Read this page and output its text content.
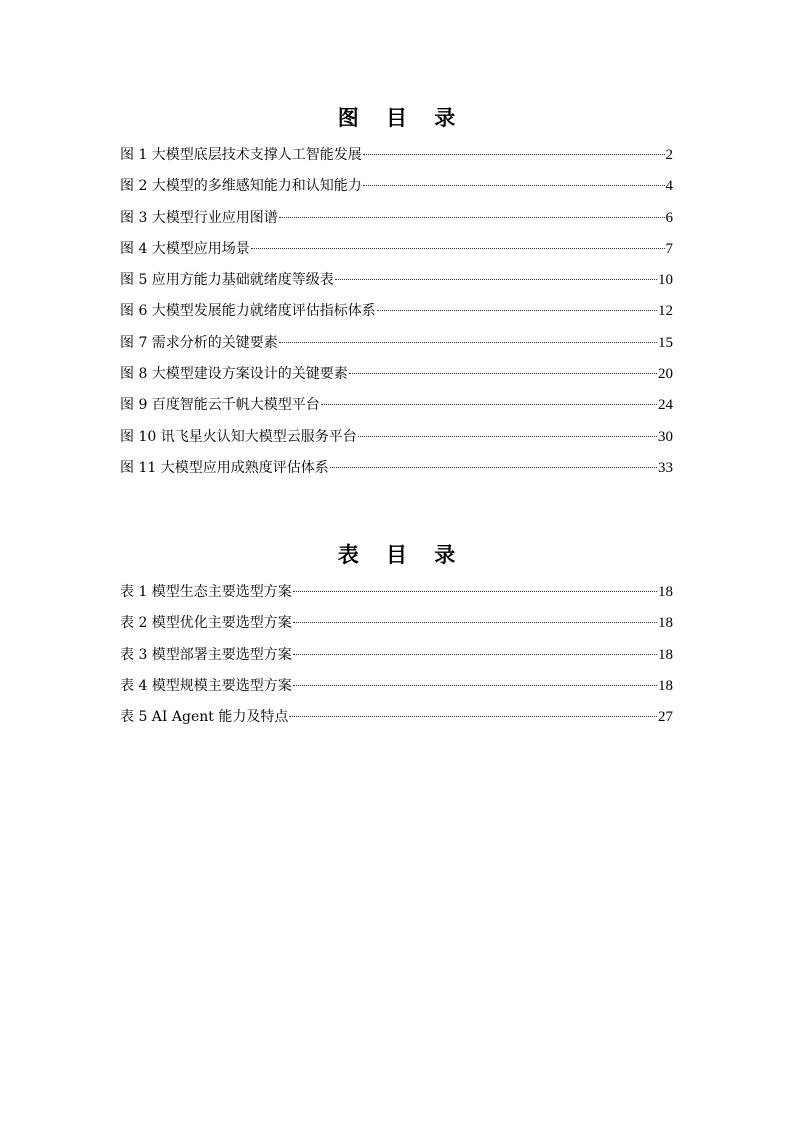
图 目 录
图 1 大模型底层技术支撑人工智能发展	2
图 2 大模型的多维感知能力和认知能力	4
图 3 大模型行业应用图谱	6
图 4 大模型应用场景	7
图 5 应用方能力基础就绪度等级表	10
图 6 大模型发展能力就绪度评估指标体系	12
图 7 需求分析的关键要素	15
图 8 大模型建设方案设计的关键要素	20
图 9 百度智能云千帆大模型平台	24
图 10 讯飞星火认知大模型云服务平台	30
图 11 大模型应用成熟度评估体系	33
表 目 录
表 1 模型生态主要选型方案	18
表 2 模型优化主要选型方案	18
表 3 模型部署主要选型方案	18
表 4 模型规模主要选型方案	18
表 5 AI Agent 能力及特点	27
